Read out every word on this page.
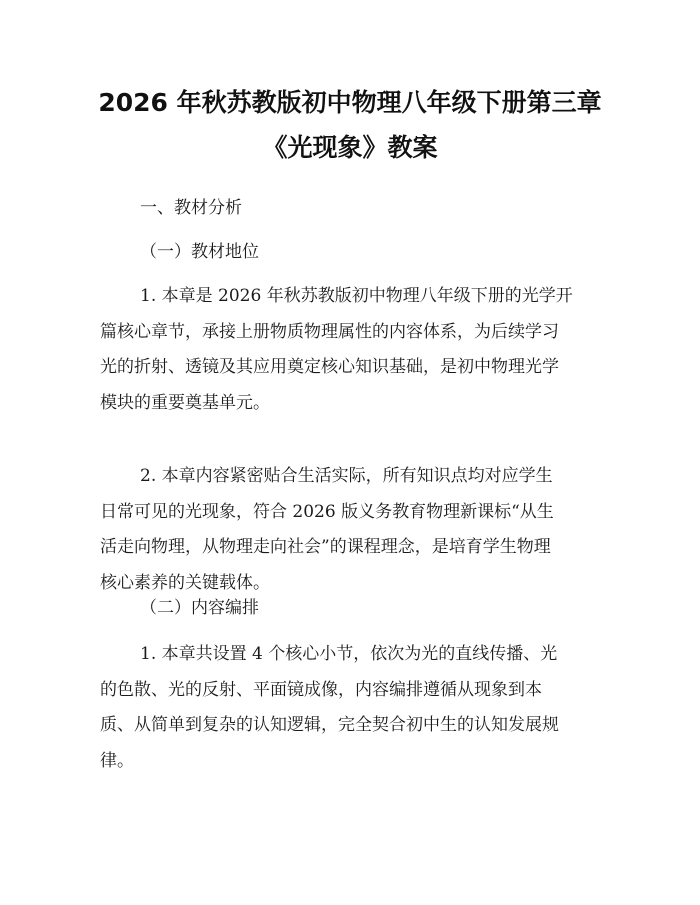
2026 年秋苏教版初中物理八年级下册第三章
《光现象》教案
一、教材分析
（一）教材地位
1. 本章是 2026 年秋苏教版初中物理八年级下册的光学开
篇核心章节，承接上册物质物理属性的内容体系，为后续学习
光的折射、透镜及其应用奠定核心知识基础，是初中物理光学
模块的重要奠基单元。
2. 本章内容紧密贴合生活实际，所有知识点均对应学生
日常可见的光现象，符合 2026 版义务教育物理新课标“从生
活走向物理，从物理走向社会”的课程理念，是培育学生物理
核心素养的关键载体。
（二）内容编排
1. 本章共设置 4 个核心小节，依次为光的直线传播、光
的色散、光的反射、平面镜成像，内容编排遵循从现象到本
质、从简单到复杂的认知逻辑，完全契合初中生的认知发展规
律。
